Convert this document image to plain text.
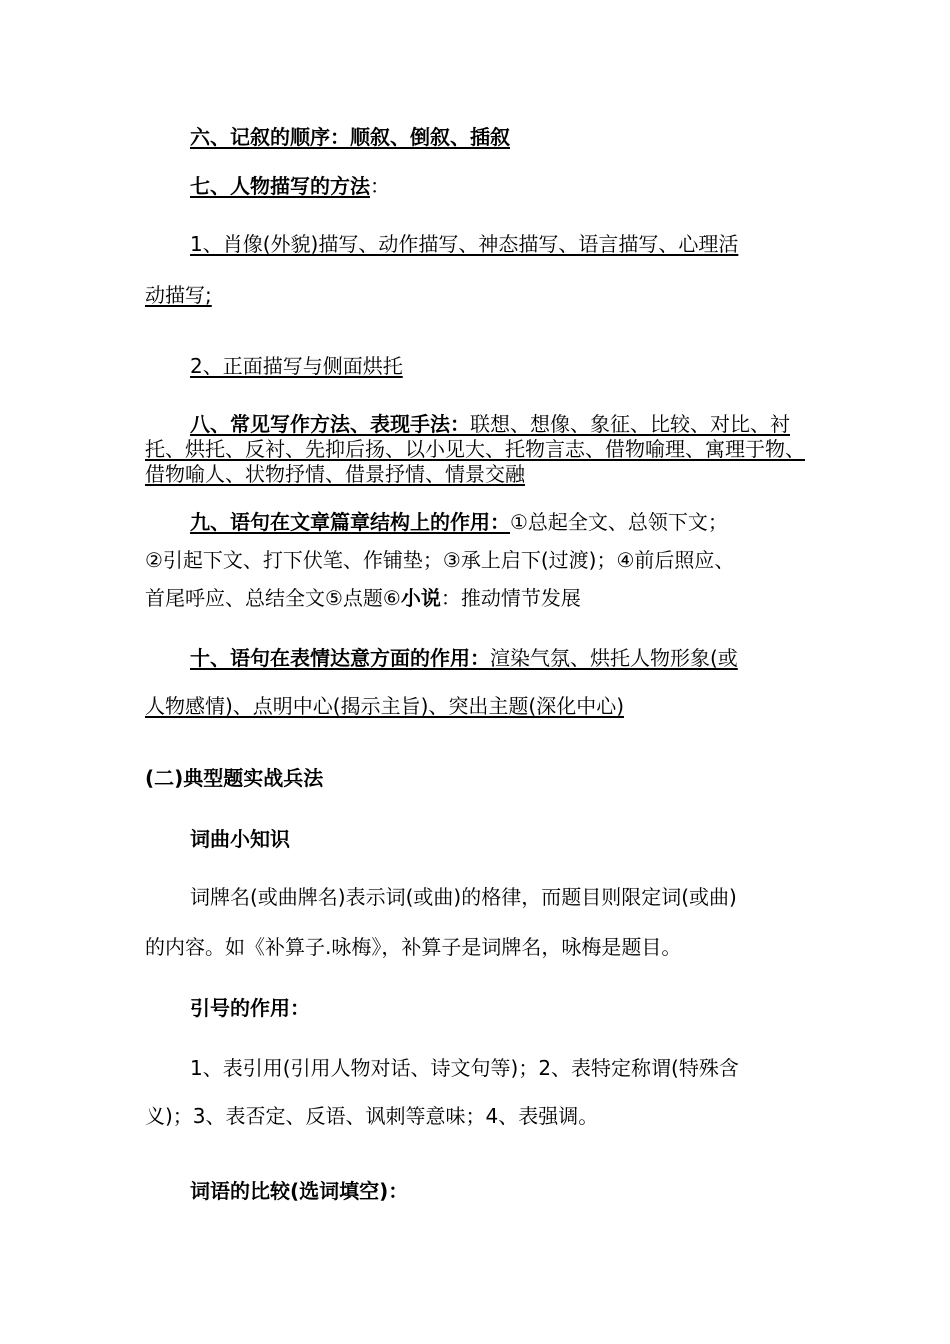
六、记叙的顺序：顺叙、倒叙、插叙
七、人物描写的方法：
1、肖像(外貌)描写、动作描写、神态描写、语言描写、心理活
动描写;
2、正面描写与侧面烘托
八、常见写作方法、表现手法：联想、想像、象征、比较、对比、衬托、烘托、反衬、先抑后扬、以小见大、托物言志、借物喻理、寓理于物、借物喻人、状物抒情、借景抒情、情景交融
九、语句在文章篇章结构上的作用：①总起全文、总领下文；
②引起下文、打下伏笔、作铺垫；③承上启下(过渡)；④前后照应、
首尾呼应、总结全文⑤点题⑥小说：推动情节发展
十、语句在表情达意方面的作用：渲染气氛、烘托人物形象(或
人物感情)、点明中心(揭示主旨)、突出主题(深化中心)
(二)典型题实战兵法
词曲小知识
词牌名(或曲牌名)表示词(或曲)的格律，而题目则限定词(或曲)
的内容。如《补算子.咏梅》，补算子是词牌名，咏梅是题目。
引号的作用：
1、表引用(引用人物对话、诗文句等)；2、表特定称谓(特殊含
义)；3、表否定、反语、讽刺等意味；4、表强调。
词语的比较(选词填空)：
